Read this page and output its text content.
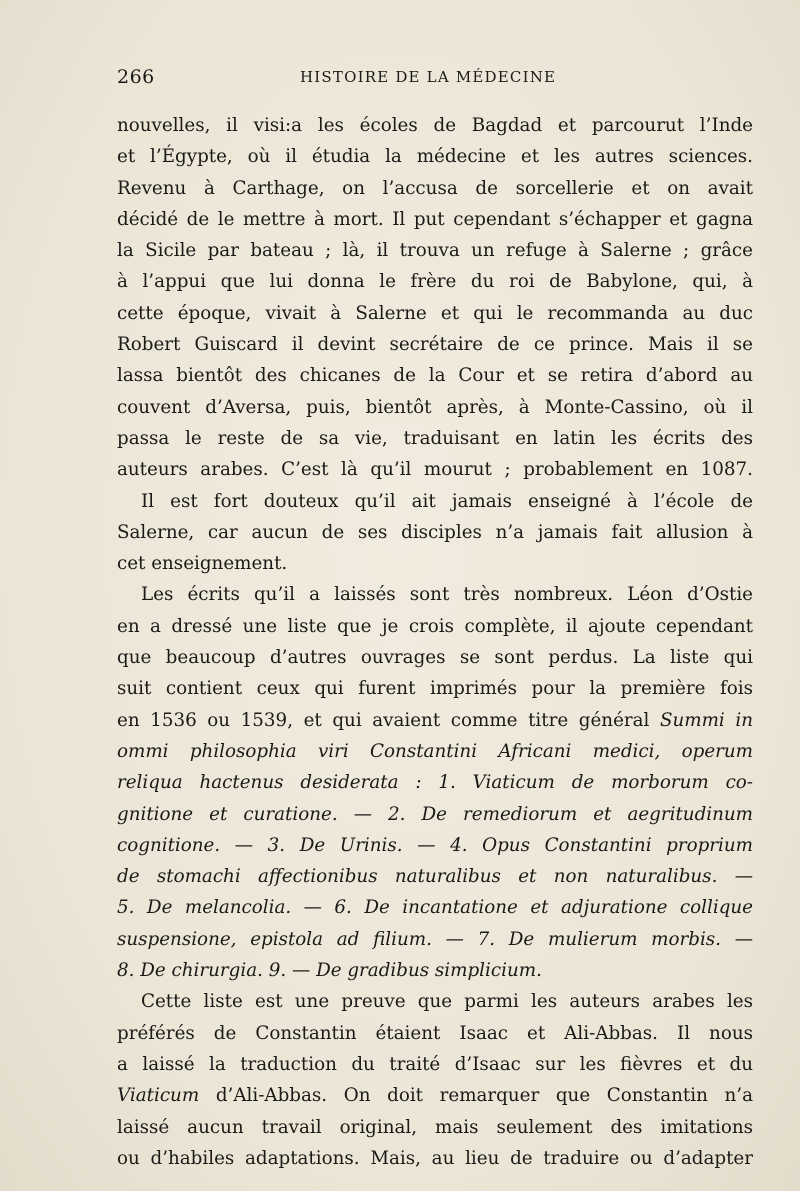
266	HISTOIRE DE LA MÉDECINE
nouvelles, il visi:a les écoles de Bagdad et parcourut l’Inde
et l’Égypte, où il étudia la médecine et les autres sciences.
Revenu à Carthage, on l’accusa de sorcellerie et on avait
décidé de le mettre à mort. Il put cependant s’échapper et gagna
la Sicile par bateau ; là, il trouva un refuge à Salerne ; grâce
à l’appui que lui donna le frère du roi de Babylone, qui, à
cette époque, vivait à Salerne et qui le recommanda au duc
Robert Guiscard il devint secrétaire de ce prince. Mais il se
lassa bientôt des chicanes de la Cour et se retira d’abord au
couvent d’Aversa, puis, bientôt après, à Monte-Cassino, où il
passa le reste de sa vie, traduisant en latin les écrits des
auteurs arabes. C’est là qu’il mourut ; probablement en 1087.
Il est fort douteux qu’il ait jamais enseigné à l’école de
Salerne, car aucun de ses disciples n’a jamais fait allusion à
cet enseignement.
Les écrits qu’il a laissés sont très nombreux. Léon d’Ostie
en a dressé une liste que je crois complète, il ajoute cependant
que beaucoup d’autres ouvrages se sont perdus. La liste qui
suit contient ceux qui furent imprimés pour la première fois
en 1536 ou 1539, et qui avaient comme titre général Summi in
ommi philosophia viri Constantini Africani medici, operum
reliqua hactenus desiderata : 1. Viaticum de morborum co-
gnitione et curatione. — 2. De remediorum et aegritudinum
cognitione. — 3. De Urinis. — 4. Opus Constantini proprium
de stomachi affectionibus naturalibus et non naturalibus. —
5. De melancolia. — 6. De incantatione et adjuratione collique
suspensione, epistola ad filium. — 7. De mulierum morbis. —
8. De chirurgia. 9. — De gradibus simplicium.
Cette liste est une preuve que parmi les auteurs arabes les
préférés de Constantin étaient Isaac et Ali-Abbas. Il nous
a laissé la traduction du traité d’Isaac sur les fièvres et du
Viaticum d’Ali-Abbas. On doit remarquer que Constantin n’a
laissé aucun travail original, mais seulement des imitations
ou d’habiles adaptations. Mais, au lieu de traduire ou d’adapter
